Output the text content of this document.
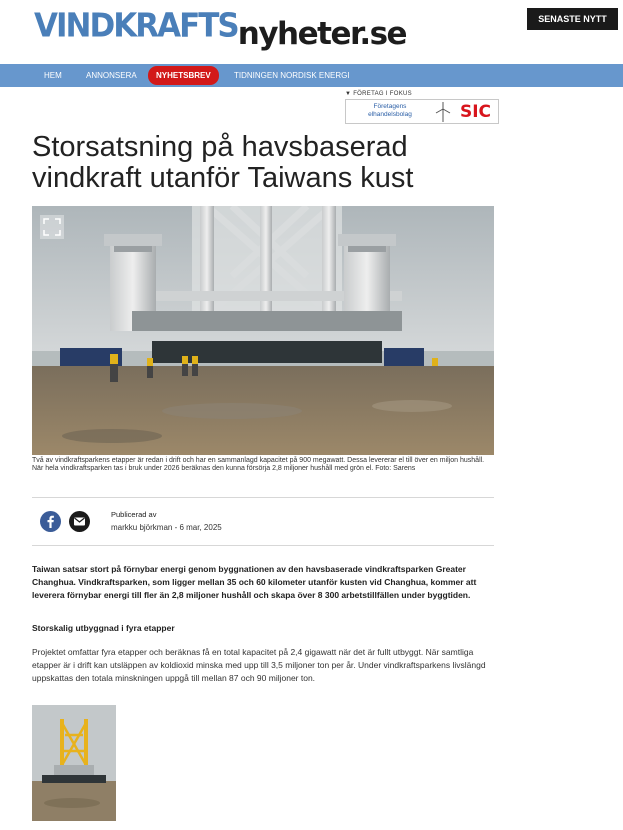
VINDKRAFTSnyheter.se	SENASTE NYTT
HEM	ANNONSERA	NYHETSBREV	TIDNINGEN NORDISK ENERGI
▼ FÖRETAG I FOKUS
Företagens
elhandelsbolag	SIC
Storsatsning på havsbaserad vindkraft utanför Taiwans kust
Två av vindkraftsparkens etapper är redan i drift och har en sammanlagd kapacitet på 900 megawatt. Dessa levererar el till över en miljon hushåll. När hela vindkraftsparken tas i bruk under 2026 beräknas den kunna försörja 2,8 miljoner hushåll med grön el. Foto: Sarens
Publicerad av
markku björkman - 6 mar, 2025
Taiwan satsar stort på förnybar energi genom byggnationen av den havsbaserade vindkraftsparken Greater Changhua. Vindkraftsparken, som ligger mellan 35 och 60 kilometer utanför kusten vid Changhua, kommer att leverera förnybar energi till fler än 2,8 miljoner hushåll och skapa över 8 300 arbetstillfällen under byggtiden.
Storskalig utbyggnad i fyra etapper
Projektet omfattar fyra etapper och beräknas få en total kapacitet på 2,4 gigawatt när det är fullt utbyggt. När samtliga etapper är i drift kan utsläppen av koldioxid minska med upp till 3,5 miljoner ton per år. Under vindkraftsparkens livslängd uppskattas den totala minskningen uppgå till mellan 87 och 90 miljoner ton.
